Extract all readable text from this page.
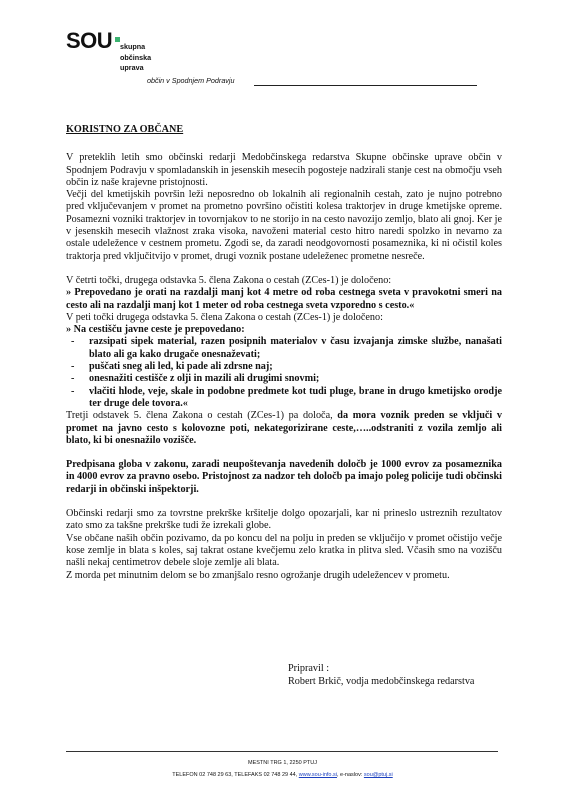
SOU skupna
občinska
uprava
občin v Spodnjem Podravju
KORISTNO ZA OBČANE

V preteklih letih smo občinski redarji Medobčinskega redarstva Skupne občinske uprave občin v Spodnjem Podravju v spomladanskih in jesenskih mesecih pogosteje nadzirali stanje cest na območju vseh občin iz naše krajevne pristojnosti.

Večji del kmetijskih površin leži neposredno ob lokalnih ali regionalnih cestah, zato je nujno potrebno pred vključevanjem v promet na prometno površino očistiti kolesa traktorjev in druge kmetijske opreme. Posamezni vozniki traktorjev in tovornjakov to ne storijo in na cesto navozijo zemljo, blato ali gnoj. Ker je v jesenskih mesecih vlažnost zraka visoka, navoženi material cesto hitro naredi spolzko in nevarno za ostale udeležence v cestnem prometu. Zgodi se, da zaradi neodgovornosti posameznika, ki ni očistil koles traktorja pred vključitvijo v promet, drugi voznik postane udeleženec prometne nesreče.

V četrti točki, drugega odstavka 5. člena Zakona o cestah (ZCes-1) je določeno:

» Prepovedano je orati na razdalji manj kot 4 metre od roba cestnega sveta v pravokotni smeri na cesto ali na razdalji manj kot 1 meter od roba cestnega sveta vzporedno s cesto.«

V peti točki drugega odstavka 5. člena Zakona o cestah (ZCes-1) je določeno:

» Na cestišču javne ceste je prepovedano:

- razsipati sipek material, razen posipnih materialov v času izvajanja zimske službe, nanašati blato ali ga kako drugače onesnaževati;
- puščati sneg ali led, ki pade ali zdrsne naj;
- onesnažiti cestišče z olji in mazili ali drugimi snovmi;
- vlačiti hlode, veje, skale in podobne predmete kot tudi pluge, brane in drugo kmetijsko orodje ter druge dele tovora.«

Tretji odstavek 5. člena Zakona o cestah (ZCes-1) pa določa, da mora voznik preden se vključi v promet na javno cesto s kolovozne poti, nekategorizirane ceste,…..odstraniti z vozila zemljo ali blato, ki bi onesnažilo vozišče.

Predpisana globa v zakonu, zaradi neupoštevanja navedenih določb je 1000 evrov za posameznika in 4000 evrov za pravno osebo. Pristojnost za nadzor teh določb pa imajo poleg policije tudi občinski redarji in občinski inšpektorji.

Občinski redarji smo za tovrstne prekrške kršitelje dolgo opozarjali, kar ni prineslo ustreznih rezultatov zato smo za takšne prekrške tudi že izrekali globe.

Vse občane naših občin pozivamo, da po koncu del na polju in preden se vključijo v promet očistijo večje kose zemlje in blata s koles, saj takrat ostane kvečjemu zelo kratka in plitva sled. Včasih smo na vozišču našli nekaj centimetrov debele sloje zemlje ali blata.

Z morda pet minutnim delom se bo zmanjšalo resno ogrožanje drugih udeležencev v prometu.

Pripravil :
Robert Brkič, vodja medobčinskega redarstva
MESTNI TRG 1, 2250 PTUJ
TELEFON 02 748 29 63, TELEFAKS 02 748 29 44, www.sou-info.si, e-naslov: sou@ptuj.si
